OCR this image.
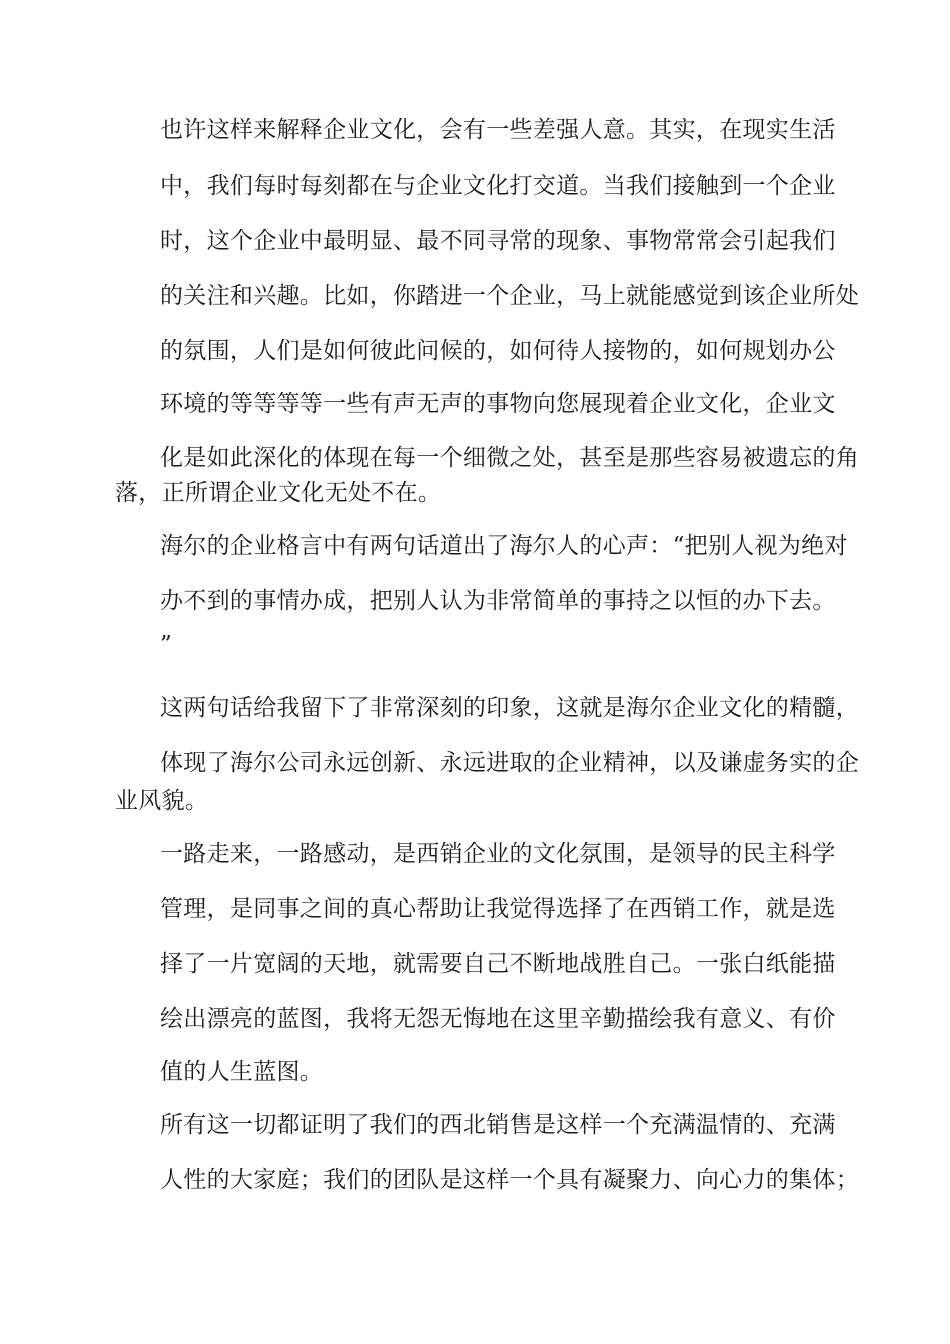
也许这样来解释企业文化，会有一些差强人意。其实，在现实生活
中，我们每时每刻都在与企业文化打交道。当我们接触到一个企业
时，这个企业中最明显、最不同寻常的现象、事物常常会引起我们
的关注和兴趣。比如，你踏进一个企业，马上就能感觉到该企业所处
的氛围，人们是如何彼此问候的，如何待人接物的，如何规划办公
环境的等等等等一些有声无声的事物向您展现着企业文化，企业文
化是如此深化的体现在每一个细微之处，甚至是那些容易被遗忘的角
落，正所谓企业文化无处不在。
海尔的企业格言中有两句话道出了海尔人的心声：“把别人视为绝对
办不到的事情办成，把别人认为非常简单的事持之以恒的办下去。
”
这两句话给我留下了非常深刻的印象，这就是海尔企业文化的精髓，
体现了海尔公司永远创新、永远进取的企业精神，以及谦虚务实的企
业风貌。
一路走来，一路感动，是西销企业的文化氛围，是领导的民主科学
管理，是同事之间的真心帮助让我觉得选择了在西销工作，就是选
择了一片宽阔的天地，就需要自己不断地战胜自己。一张白纸能描
绘出漂亮的蓝图，我将无怨无悔地在这里辛勤描绘我有意义、有价
值的人生蓝图。
所有这一切都证明了我们的西北销售是这样一个充满温情的、充满
人性的大家庭；我们的团队是这样一个具有凝聚力、向心力的集体；
